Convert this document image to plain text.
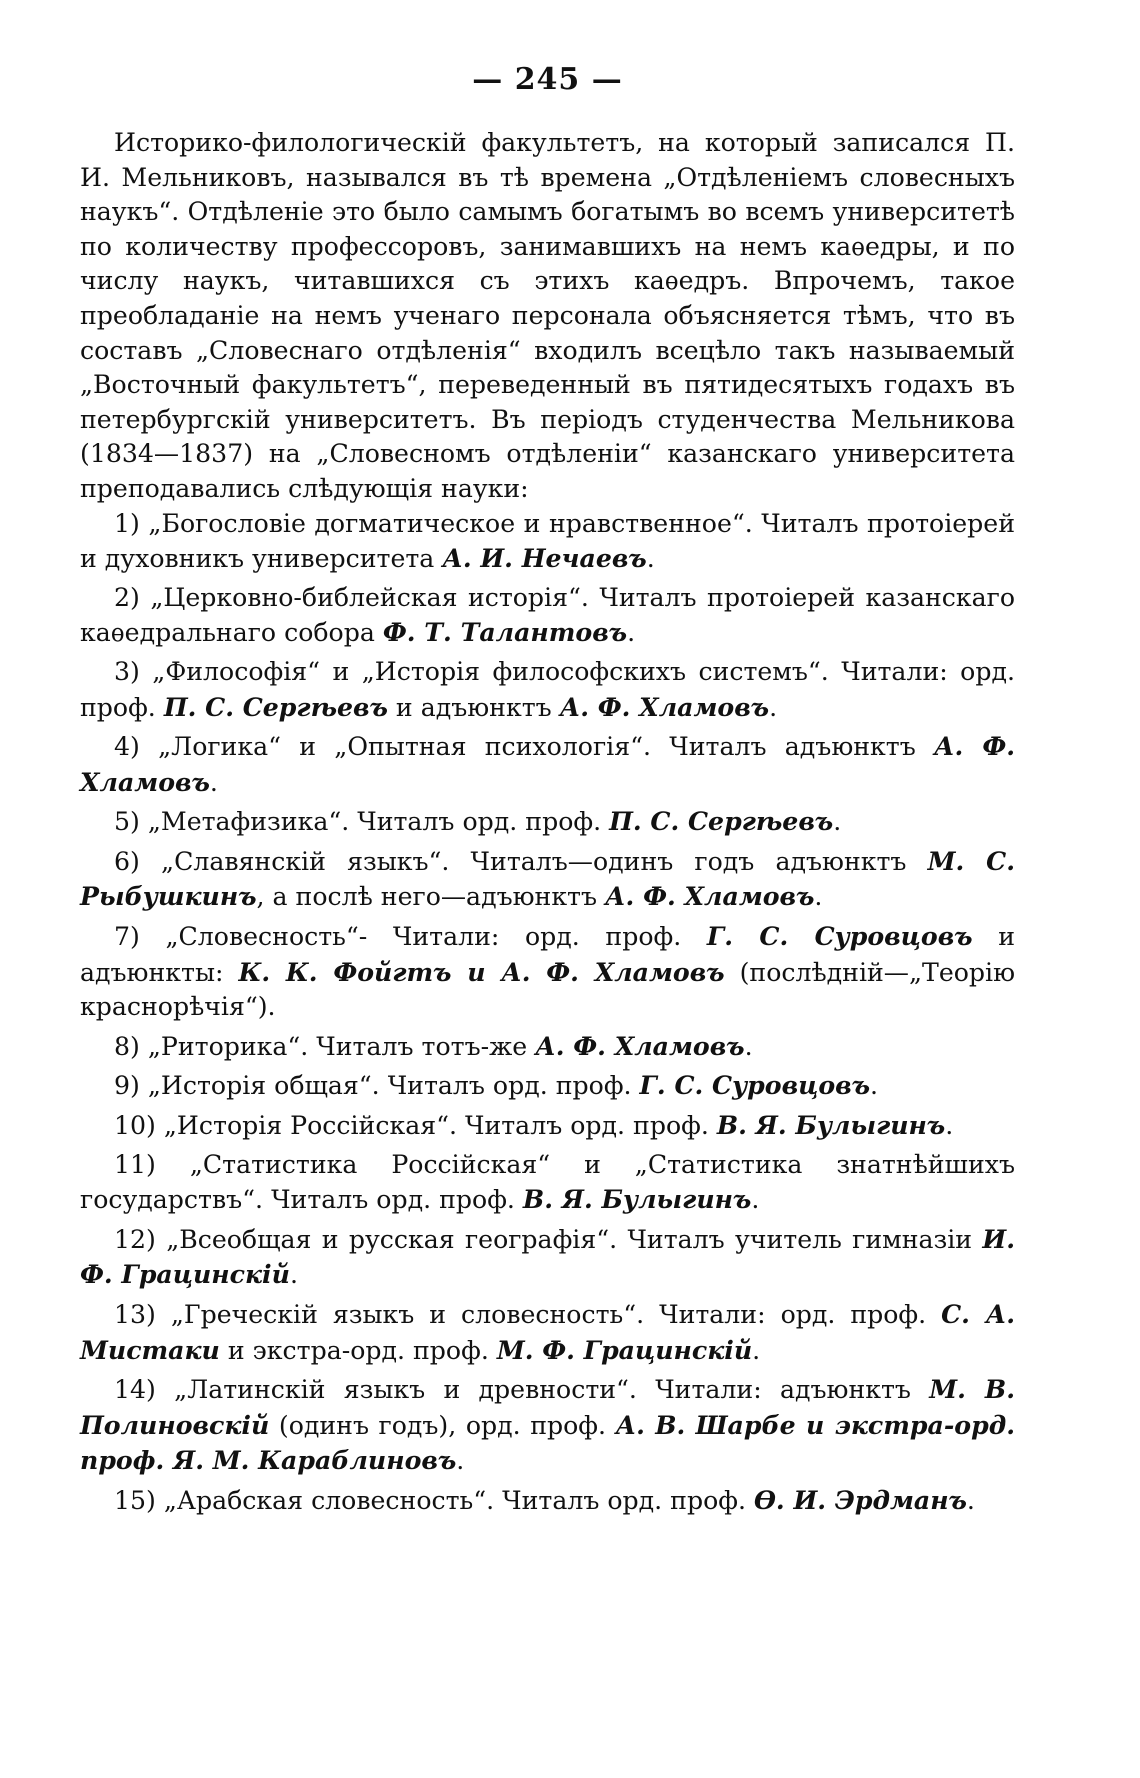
— 245 —

Историко-филологическій факультетъ, на который записался П. И. Мельниковъ, назывался въ тѣ времена „Отдѣленіемъ словесныхъ наукъ“. Отдѣленіе это было самымъ богатымъ во всемъ университетѣ по количеству профессоровъ, занимавшихъ на немъ каѳедры, и по числу наукъ, читавшихся съ этихъ каѳедръ. Впрочемъ, такое преобладаніе на немъ ученаго персонала объясняется тѣмъ, что въ составъ „Словеснаго отдѣленія“ входилъ всецѣло такъ называемый „Восточный факультетъ“, переведенный въ пятидесятыхъ годахъ въ петербургскій университетъ. Въ періодъ студенчества Мельникова (1834—1837) на „Словесномъ отдѣленіи“ казанскаго университета преподавались слѣдующія науки:

1) „Богословіе догматическое и нравственное“. Читалъ протоіерей и духовникъ университета А. И. Нечаевъ.

2) „Церковно-библейская исторія“. Читалъ протоіерей казанскаго каѳедральнаго собора Ф. Т. Талантовъ.

3) „Философія“ и „Исторія философскихъ системъ“. Читали: орд. проф. П. С. Сергѣевъ и адъюнктъ А. Ф. Хламовъ.

4) „Логика“ и „Опытная психологія“. Читалъ адъюнктъ А. Ф. Хламовъ.

5) „Метафизика“. Читалъ орд. проф. П. С. Сергѣевъ.

6) „Славянскій языкъ“. Читалъ—одинъ годъ адъюнктъ М. С. Рыбушкинъ, а послѣ него—адъюнктъ А. Ф. Хламовъ.

7) „Словесность“- Читали: орд. проф. Г. С. Суровцовъ и адъюнкты: К. К. Фойгтъ и А. Ф. Хламовъ (послѣдній—„Теорію краснорѣчія“).

8) „Риторика“. Читалъ тотъ-же А. Ф. Хламовъ.

9) „Исторія общая“. Читалъ орд. проф. Г. С. Суровцовъ.

10) „Исторія Россійская“. Читалъ орд. проф. В. Я. Булыгинъ.

11) „Статистика Россійская“ и „Статистика знатнѣйшихъ государствъ“. Читалъ орд. проф. В. Я. Булыгинъ.

12) „Всеобщая и русская географія“. Читалъ учитель гимназіи И. Ф. Грацинскій.

13) „Греческій языкъ и словесность“. Читали: орд. проф. С. А. Мистаки и экстра-орд. проф. М. Ф. Грацинскій.

14) „Латинскій языкъ и древности“. Читали: адъюнктъ М. В. Полиновскій (одинъ годъ), орд. проф. А. В. Шарбе и экстра-орд. проф. Я. М. Караблиновъ.

15) „Арабская словесность“. Читалъ орд. проф. Ѳ. И. Эрдманъ.
